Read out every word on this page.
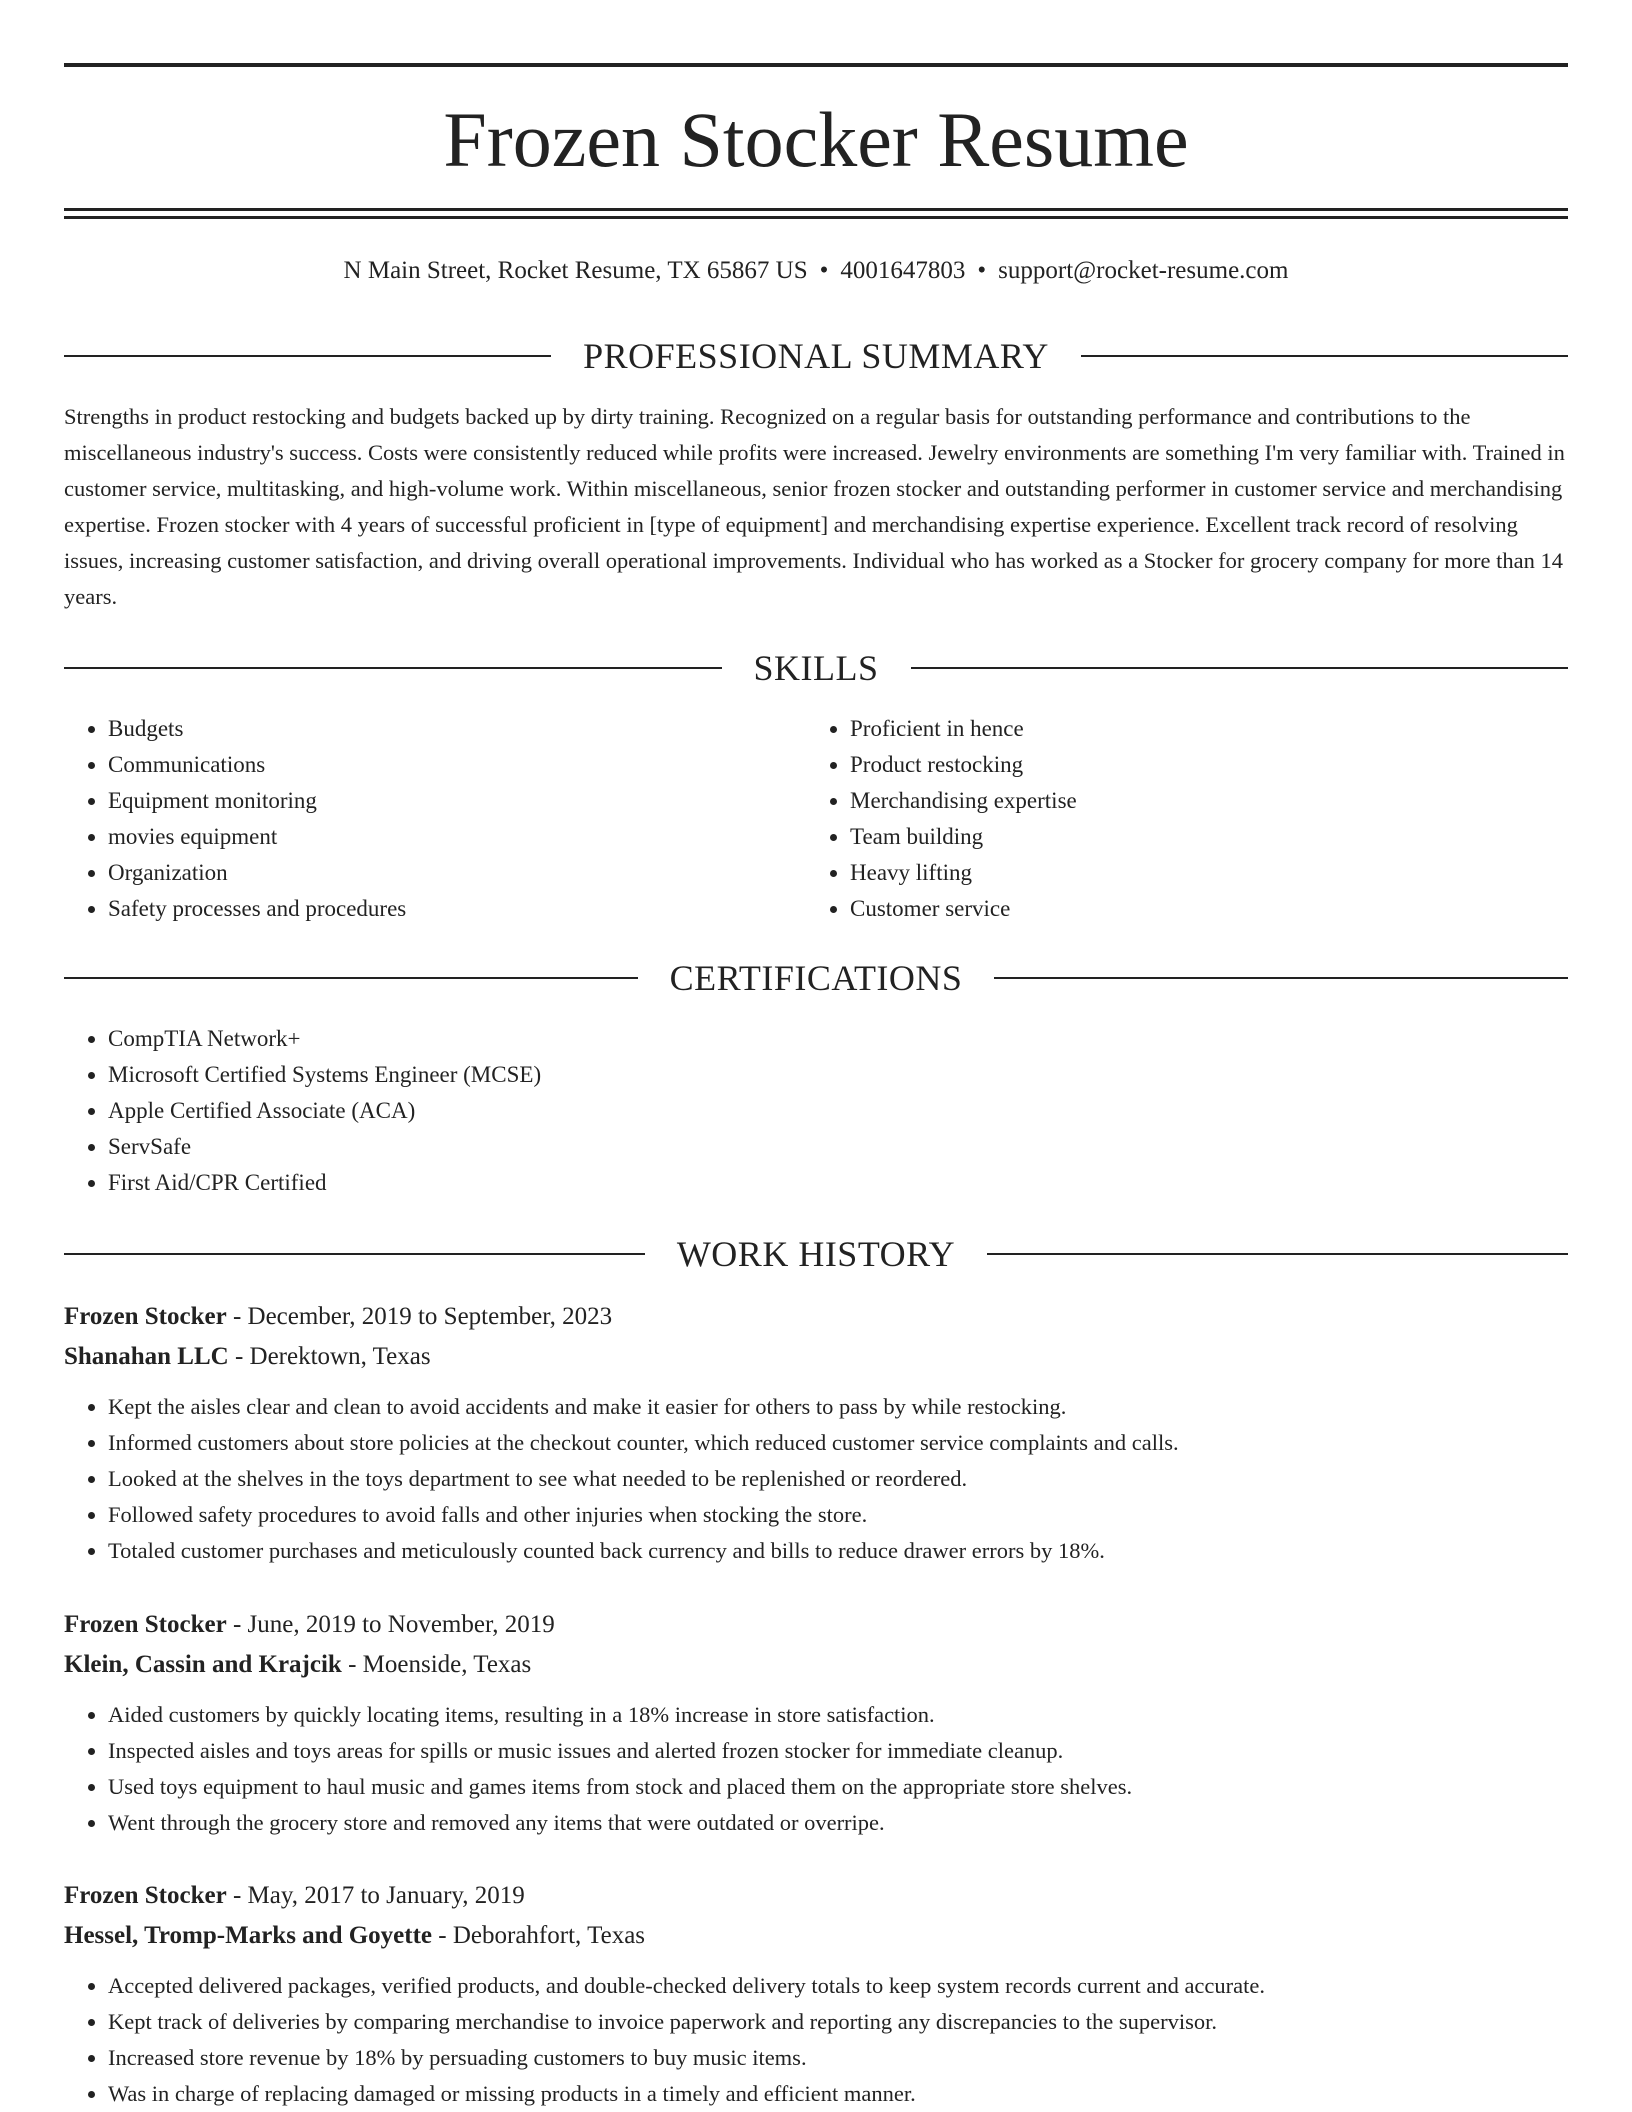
Frozen Stocker Resume
N Main Street, Rocket Resume, TX 65867 US • 4001647803 • support@rocket-resume.com
PROFESSIONAL SUMMARY

Strengths in product restocking and budgets backed up by dirty training. Recognized on a regular basis for outstanding performance and contributions to the miscellaneous industry's success. Costs were consistently reduced while profits were increased. Jewelry environments are something I'm very familiar with. Trained in customer service, multitasking, and high-volume work. Within miscellaneous, senior frozen stocker and outstanding performer in customer service and merchandising expertise. Frozen stocker with 4 years of successful proficient in [type of equipment] and merchandising expertise experience. Excellent track record of resolving issues, increasing customer satisfaction, and driving overall operational improvements. Individual who has worked as a Stocker for grocery company for more than 14 years.

SKILLS
• Budgets
• Communications
• Equipment monitoring
• movies equipment
• Organization
• Safety processes and procedures
• Proficient in hence
• Product restocking
• Merchandising expertise
• Team building
• Heavy lifting
• Customer service
CERTIFICATIONS
• CompTIA Network+
• Microsoft Certified Systems Engineer (MCSE)
• Apple Certified Associate (ACA)
• ServSafe
• First Aid/CPR Certified
WORK HISTORY
Frozen Stocker - December, 2019 to September, 2023
Shanahan LLC - Derektown, Texas
• Kept the aisles clear and clean to avoid accidents and make it easier for others to pass by while restocking.
• Informed customers about store policies at the checkout counter, which reduced customer service complaints and calls.
• Looked at the shelves in the toys department to see what needed to be replenished or reordered.
• Followed safety procedures to avoid falls and other injuries when stocking the store.
• Totaled customer purchases and meticulously counted back currency and bills to reduce drawer errors by 18%.
Frozen Stocker - June, 2019 to November, 2019
Klein, Cassin and Krajcik - Moenside, Texas
• Aided customers by quickly locating items, resulting in a 18% increase in store satisfaction.
• Inspected aisles and toys areas for spills or music issues and alerted frozen stocker for immediate cleanup.
• Used toys equipment to haul music and games items from stock and placed them on the appropriate store shelves.
• Went through the grocery store and removed any items that were outdated or overripe.
Frozen Stocker - May, 2017 to January, 2019
Hessel, Tromp-Marks and Goyette - Deborahfort, Texas
• Accepted delivered packages, verified products, and double-checked delivery totals to keep system records current and accurate.
• Kept track of deliveries by comparing merchandise to invoice paperwork and reporting any discrepancies to the supervisor.
• Increased store revenue by 18% by persuading customers to buy music items.
• Was in charge of replacing damaged or missing products in a timely and efficient manner.
